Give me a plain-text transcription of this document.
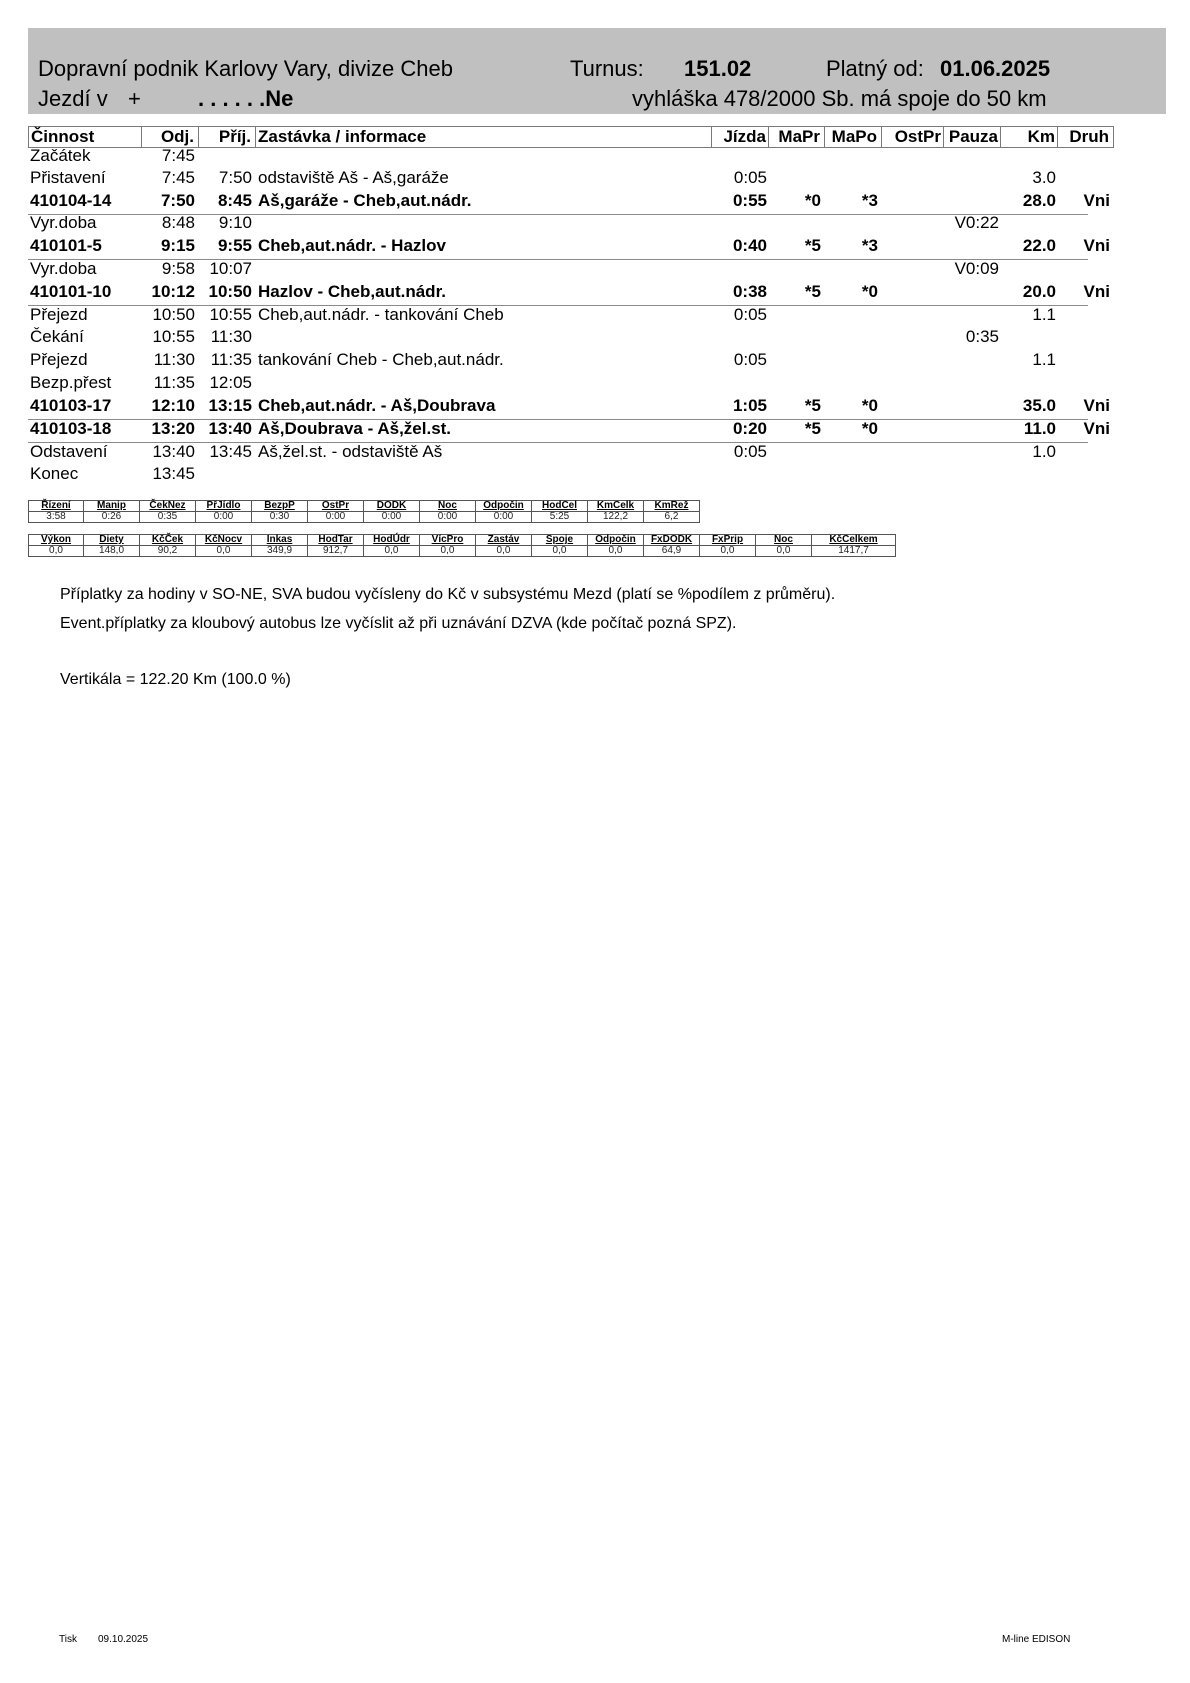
Dopravní podnik Karlovy Vary, divize Cheb	Turnus: 151.02	Platný od: 01.06.2025
Jezdí v +	. . . . . .Ne	vyhláška 478/2000 Sb. má spoje do 50 km
Činnost	Odj.	Příj. Zastávka / informace	Jízda MaPr MaPo	OstPr Pauza	Km Druh
Začátek	7:45
Přistavení	7:45	7:50 odstaviště Aš - Aš,garáže	0:05	3.0
410104-14	7:50	8:45 Aš,garáže - Cheb,aut.nádr.	0:55	*0	*3	28.0	Vni
Vyr.doba	8:48	9:10	V0:22
410101-5	9:15	9:55 Cheb,aut.nádr. - Hazlov	0:40	*5	*3	22.0	Vni
Vyr.doba	9:58 10:07	V0:09
410101-10	10:12 10:50 Hazlov - Cheb,aut.nádr.	0:38	*5	*0	20.0	Vni
Přejezd	10:50 10:55 Cheb,aut.nádr. - tankování Cheb	0:05	1.1
Čekání	10:55 11:30	0:35
Přejezd	11:30 11:35 tankování Cheb - Cheb,aut.nádr.	0:05	1.1
Bezp.přest	11:35 12:05
410103-17	12:10 13:15 Cheb,aut.nádr. - Aš,Doubrava	1:05	*5	*0	35.0	Vni
410103-18	13:20 13:40 Aš,Doubrava - Aš,žel.st.	0:20	*5	*0	11.0	Vni
Odstavení	13:40 13:45 Aš,žel.st. - odstaviště Aš	0:05	1.0
Konec	13:45
Řízení	Manip	ČekNez	PřJídlo	BezpP	OstPr	DODK	Noc	Odpočin	HodCel	KmCelk	KmRež
3:58	0:26	0:35	0:00	0:30	0:00	0:00	0:00	0:00	5:25	122,2	6,2
Výkon	Diety	KčČek	KčNocv	Inkas	HodTar	HodÚdr	VícPro	Zastáv	Spoje	Odpočin	FxDODK	FxPrip	Noc	KčCelkem
0,0	148,0	90,2	0,0	349,9	912,7	0,0	0,0	0,0	0,0	0,0	64,9	0,0	0,0	1417,7
Příplatky za hodiny v SO-NE, SVA budou vyčísleny do Kč v subsystému Mezd (platí se %podílem z průměru).
Event.příplatky za kloubový autobus lze vyčíslit až při uznávání DZVA (kde počítač pozná SPZ).
Vertikála = 122.20 Km (100.0 %)
Tisk 09.10.2025	M-line EDISON
